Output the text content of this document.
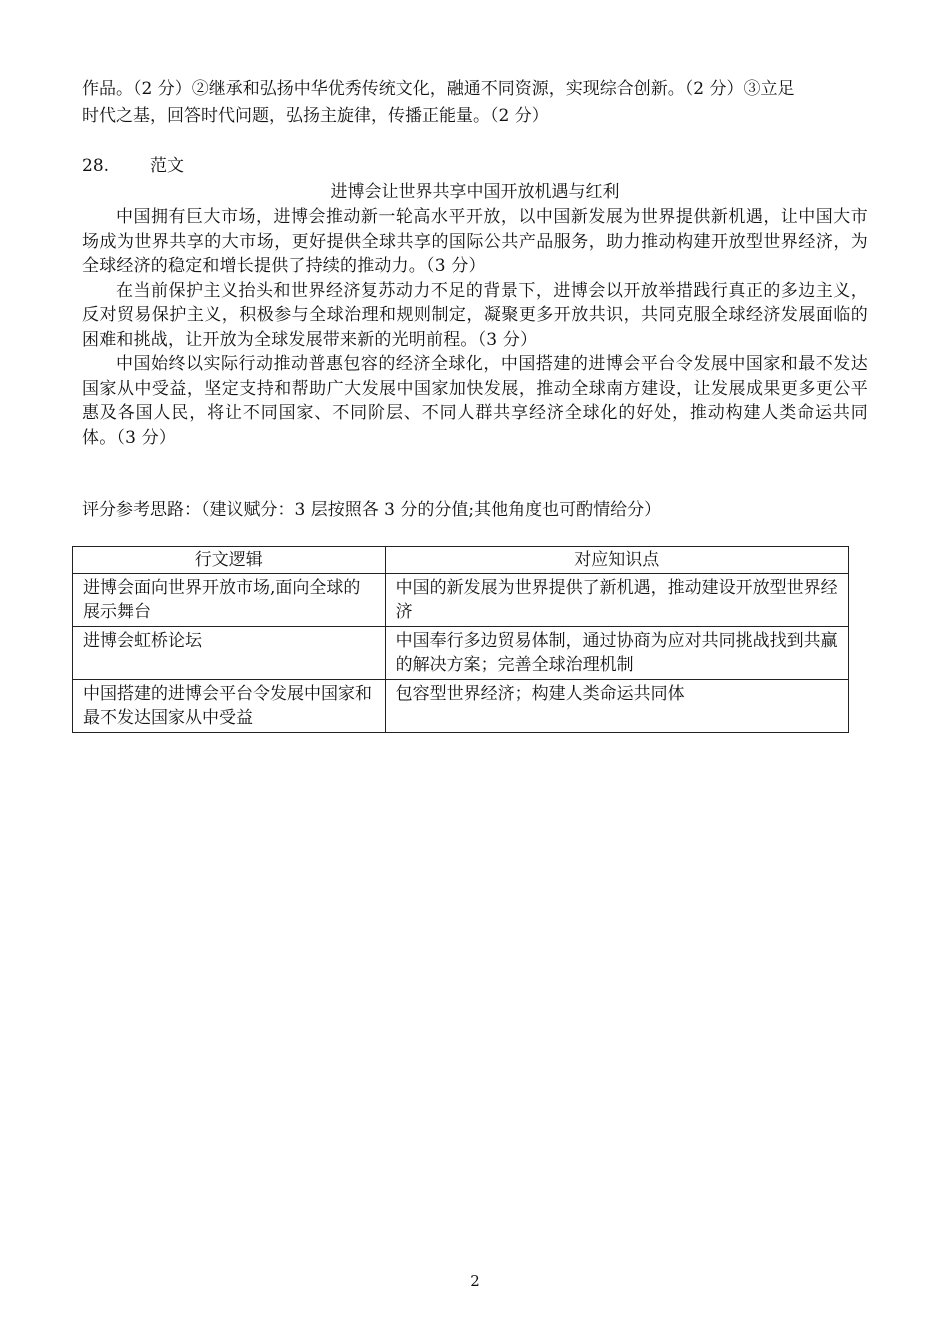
作品。（2 分）②继承和弘扬中华优秀传统文化，融通不同资源，实现综合创新。（2 分）③立足
时代之基，回答时代问题，弘扬主旋律，传播正能量。（2 分）
28. 范文
进博会让世界共享中国开放机遇与红利

中国拥有巨大市场，进博会推动新一轮高水平开放，以中国新发展为世界提供新机遇，让中国大市场成为世界共享的大市场，更好提供全球共享的国际公共产品服务，助力推动构建开放型世界经济，为全球经济的稳定和增长提供了持续的推动力。（3 分）

在当前保护主义抬头和世界经济复苏动力不足的背景下，进博会以开放举措践行真正的多边主义，反对贸易保护主义，积极参与全球治理和规则制定，凝聚更多开放共识，共同克服全球经济发展面临的困难和挑战，让开放为全球发展带来新的光明前程。（3 分）

中国始终以实际行动推动普惠包容的经济全球化，中国搭建的进博会平台令发展中国家和最不发达国家从中受益，坚定支持和帮助广大发展中国家加快发展，推动全球南方建设，让发展成果更多更公平惠及各国人民，将让不同国家、不同阶层、不同人群共享经济全球化的好处，推动构建人类命运共同体。（3 分）

评分参考思路：（建议赋分：3 层按照各 3 分的分值;其他角度也可酌情给分）
行文逻辑	对应知识点
进博会面向世界开放市场,面向全球的展示舞台	中国的新发展为世界提供了新机遇，推动建设开放型世界经济
进博会虹桥论坛	中国奉行多边贸易体制，通过协商为应对共同挑战找到共赢的解决方案；完善全球治理机制
中国搭建的进博会平台令发展中国家和最不发达国家从中受益	包容型世界经济；构建人类命运共同体
2
